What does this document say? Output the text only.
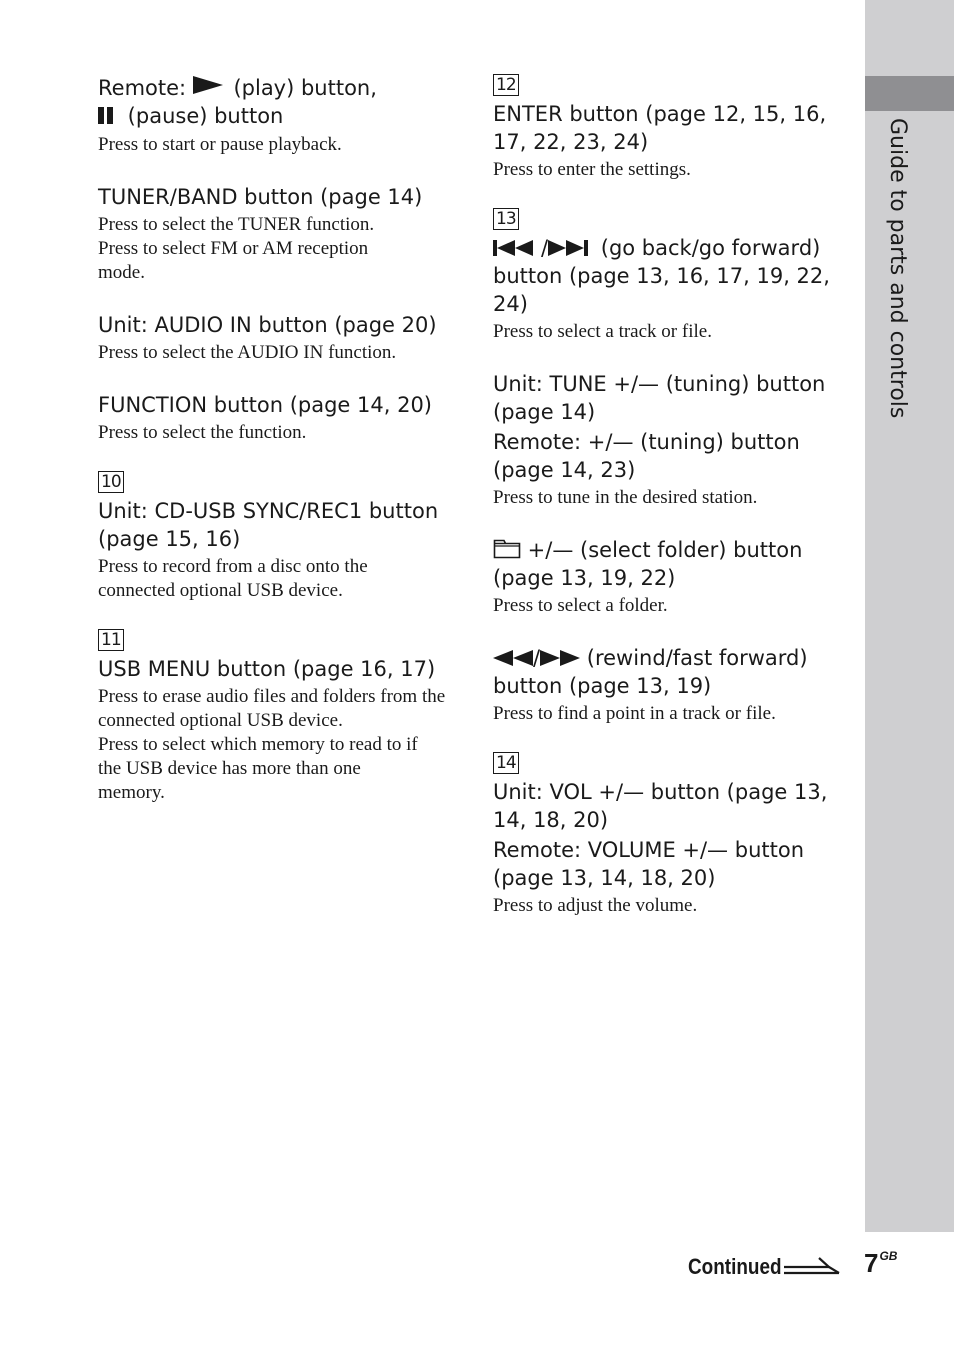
Guide to parts and controls

Remote:  (play) button,
(pause) button

Press to start or pause playback.

TUNER/BAND button (page 14)

Press to select the TUNER function.

Press to select FM or AM reception mode.

Unit: AUDIO IN button (page 20)

Press to select the AUDIO IN function.

FUNCTION button (page 14, 20)

Press to select the function.

10

Unit: CD-USB SYNC/REC1 button (page 15, 16)

Press to record from a disc onto the connected optional USB device.

11

USB MENU button (page 16, 17)

Press to erase audio files and folders from the connected optional USB device.

Press to select which memory to read to if the USB device has more than one memory.

12

ENTER button (page 12, 15, 16, 17, 22, 23, 24)

Press to enter the settings.

13

/ (go back/go forward) button (page 13, 16, 17, 19, 22, 24)

Press to select a track or file.

Unit: TUNE +/— (tuning) button (page 14)

Remote: +/— (tuning) button (page 14, 23)

Press to tune in the desired station.

+/— (select folder) button (page 13, 19, 22)

Press to select a folder.

/ (rewind/fast forward) button (page 13, 19)

Press to find a point in a track or file.

14

Unit: VOL +/— button (page 13, 14, 18, 20)

Remote: VOLUME +/— button (page 13, 14, 18, 20)

Press to adjust the volume.

Continued	$7^{GB}$
